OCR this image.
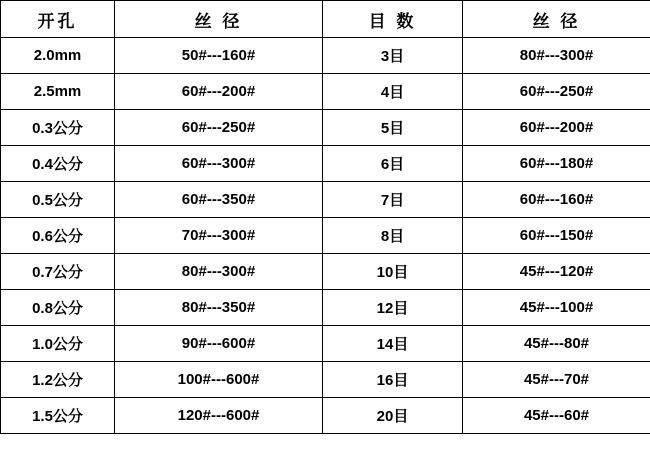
开孔	丝 径	目 数	丝 径
2.0mm	50#---160#	3目	80#---300#
2.5mm	60#---200#	4目	60#---250#
0.3公分	60#---250#	5目	60#---200#
0.4公分	60#---300#	6目	60#---180#
0.5公分	60#---350#	7目	60#---160#
0.6公分	70#---300#	8目	60#---150#
0.7公分	80#---300#	10目	45#---120#
0.8公分	80#---350#	12目	45#---100#
1.0公分	90#---600#	14目	45#---80#
1.2公分	100#---600#	16目	45#---70#
1.5公分	120#---600#	20目	45#---60#
